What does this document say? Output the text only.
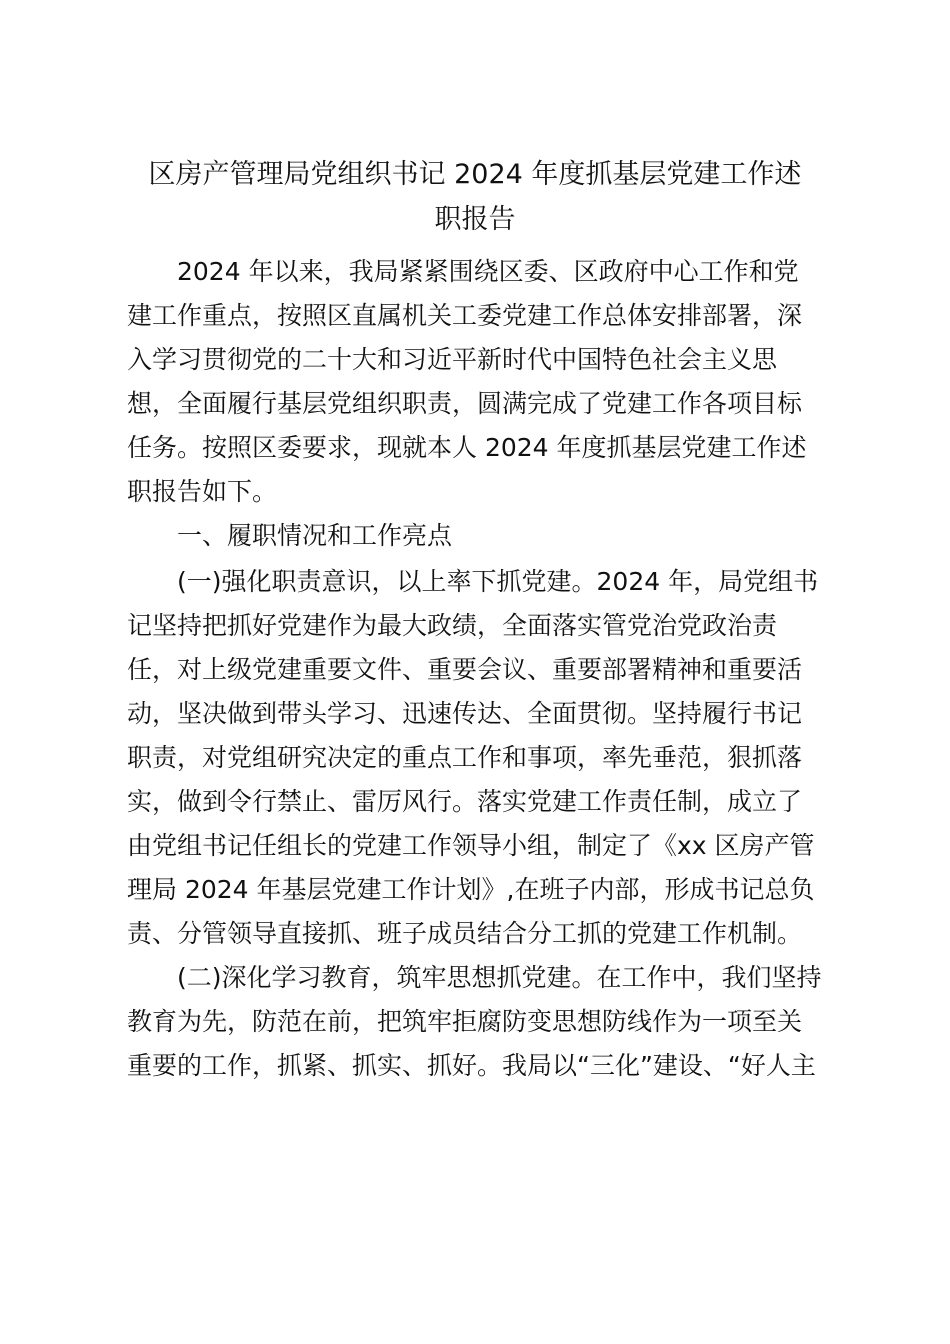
区房产管理局党组织书记 2024 年度抓基层党建工作述
职报告

2024 年以来，我局紧紧围绕区委、区政府中心工作和党

建工作重点，按照区直属机关工委党建工作总体安排部署，深

入学习贯彻党的二十大和习近平新时代中国特色社会主义思

想，全面履行基层党组织职责，圆满完成了党建工作各项目标

任务。按照区委要求，现就本人 2024 年度抓基层党建工作述

职报告如下。

一、履职情况和工作亮点

(一)强化职责意识，以上率下抓党建。2024 年，局党组书

记坚持把抓好党建作为最大政绩，全面落实管党治党政治责

任，对上级党建重要文件、重要会议、重要部署精神和重要活

动，坚决做到带头学习、迅速传达、全面贯彻。坚持履行书记

职责，对党组研究决定的重点工作和事项，率先垂范，狠抓落

实，做到令行禁止、雷厉风行。落实党建工作责任制，成立了

由党组书记任组长的党建工作领导小组，制定了《xx 区房产管

理局 2024 年基层党建工作计划》,在班子内部，形成书记总负

责、分管领导直接抓、班子成员结合分工抓的党建工作机制。

(二)深化学习教育，筑牢思想抓党建。在工作中，我们坚持

教育为先，防范在前，把筑牢拒腐防变思想防线作为一项至关

重要的工作，抓紧、抓实、抓好。我局以“三化”建设、“好人主
